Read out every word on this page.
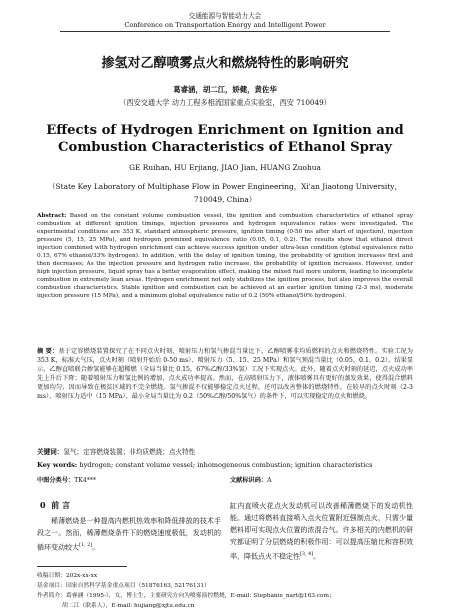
交通能源与智能动力大会
Conference on Transportation Energy and Intelligent Power
掺氢对乙醇喷雾点火和燃烧特性的影响研究
葛睿涵，胡二江，娇健，黄佐华
（西安交通大学 动力工程多相流国家重点实验室，西安 710049）
Effects of Hydrogen Enrichment on Ignition and Combustion Characteristics of Ethanol Spray
GE Ruihan, HU Erjiang, JIAO Jian, HUANG Zuohua
（State Key Laboratory of Multiphase Flow in Power Engineering，Xi'an Jiaotong University，710049, China）
Abstract: Based on the constant volume combustion vessel, the ignition and combustion characteristics of ethanol spray combustion at different ignition timings, injection pressures and hydrogen equivalence ratios were investigated. The experimental conditions are 353 K, standard atmospheric pressure, ignition timing (0-50 ms after start of injection), injection pressure (5, 15, 25 MPa), and hydrogen premixed equivalence ratio (0.05, 0.1, 0.2). The results show that ethanol direct injection combined with hydrogen enrichment can achieve success ignition under ultra-lean condition (global equivalence ratio 0.15, 67% ethanol/33% hydrogen). In addition, with the delay of ignition timing, the probability of ignition increases first and then decreases; As the injection pressure and hydrogen ratio increase, the probability of ignition increases. However, under high injection pressure, liquid spray has a better evaporation effect, making the mixed fuel more uniform, leading to incomplete combustion in extremely lean areas. Hydrogen enrichment not only stabilizes the ignition process, but also improves the overall combustion characteristics. Stable ignition and combustion can be achieved at an earlier ignition timing (2-3 ms), moderate injection pressure (15 MPa), and a minimum global equivalence ratio of 0.2 (50% ethanol/50% hydrogen).
摘 要：基于定容燃烧装置探究了在不同点火时刻、喷射压力和氢气掺混当量比下，乙醇喷雾非均质燃料的点火和燃烧特性。实验工况为 353 K，标准大气压，点火时刻（喷射开始后 0-50 ms）、喷射压力（5、15、25 MPa）和氢气预混当量比（0.05、0.1、0.2）。结果显示，乙醇直喷联合掺氢能够在超稀燃（全局当量比 0.15，67%乙醇/33%氢）工况下实现点火。此外，随着点火时刻的延迟，点火成功率先上升后下降；随着喷射压力和氢比例的增加，点火成功率提高。然而，在高喷射压力下，液体喷雾具有更好的蒸发效果，使得混合燃料更加均匀，因而导致在极贫区域的不完全燃烧。氢气掺混不仅能够稳定点火过程，还可以改善整体的燃烧特性。在较早的点火时刻（2-3 ms）、喷射压力适中（15 MPa）、最小全局当量比为 0.2（50%乙醇/50%氢气）的条件下，可以实现稳定的点火和燃烧。
关键词：氢气；定容燃烧装置；非均质燃烧；点火特性
Key words: hydrogen; constant volume vessel; inhomogeneous combustion; ignition characteristics
中图分类号：TK4***	文献标识码：A
0 前 言
稀薄燃烧是一种提高内燃机热效率和降低排放的技术手段之一。然而，稀薄燃烧条件下的燃烧速度极低，发动机的循环变动较大[1, 2]。
缸内直喷火花点火发动机可以改善稀薄燃烧下的发动机性能。通过将燃料直接喷入点火位置附近强制点火，只需少量燃料即可实现点火位置的浓混合气。许多相关的内燃机的研究都证明了分层燃烧的积极作用：可以提高压缩比和容积效率，降低点火不稳定性[3, 4]。
收稿日期：202x-xx-xx
基金项目：国家自然科学基金重点项目（51876163, 52176131）
作者简介：葛睿涵（1995-），女，博士生，主要研究方向为喷雾演控燃烧，E-mail: Stephanie_nart@163.com；
胡二江（联系人），E-mail: hujiang@xjtu.edu.cn
